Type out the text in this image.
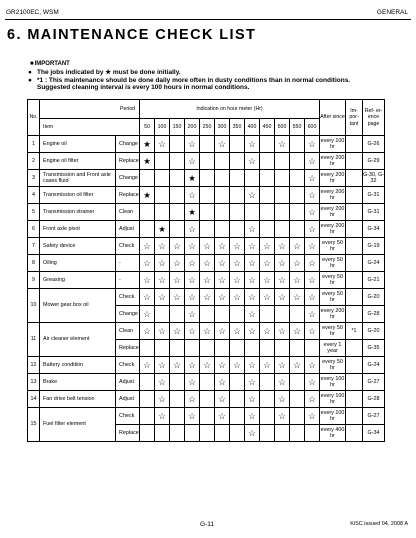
GR2100EC, WSM	GENERAL
6. MAINTENANCE CHECK LIST
■ IMPORTANT
● The jobs indicated by ★ must be done initially.
● *1 : This maintenance should be done daily more often in dusty conditions than in normal conditions.
Suggested cleaning interval is every 100 hours in normal conditions.
No.	Period		Indication on hour meter (Hr)												After since	Im- por- tant	Ref- er- ence page
	Item		50	100	150	200	250	300	350	400	450	500	550	600			
1	Engine oil	Change	★	☆		☆		☆		☆		☆		☆	every 100 hr		G-26
2	Engine oil filter	Replace	★			☆				☆				☆	every 200 hr		G-29
3	Transmission and Front axle cases fluid	Change				★								☆	every 200 hr		G-30, G-32
4	Transmission oil filter	Replace	★			☆				☆				☆	every 200 hr		G-31
5	Transmission strainer	Clean				★								☆	every 200 hr		G-31
6	Front axle pivot	Adjust		★		☆				☆				☆	every 200 hr		G-34
7	Safety device	Check	☆	☆	☆	☆	☆	☆	☆	☆	☆	☆	☆	☆	every 50 hr		G-19
8	Oiling	-	☆	☆	☆	☆	☆	☆	☆	☆	☆	☆	☆	☆	every 50 hr		G-24
9	Greasing	-	☆	☆	☆	☆	☆	☆	☆	☆	☆	☆	☆	☆	every 50 hr		G-21
10	Mower gear box oil	Check	☆	☆	☆	☆	☆	☆	☆	☆	☆	☆	☆	☆	every 50 hr		G-20
		Change	☆			☆				☆				☆	every 200 hr		G-28
11	Air cleaner element	Clean	☆	☆	☆	☆	☆	☆	☆	☆	☆	☆	☆	☆	every 50 hr	*1	G-20
		Replace													every 1 year		G-35
12	Battery condition	Check	☆	☆	☆	☆	☆	☆	☆	☆	☆	☆	☆	☆	every 50 hr		G-24
13	Brake	Adjust		☆		☆		☆		☆		☆		☆	every 100 hr		G-27
14	Fan drive belt tension	Adjust		☆		☆		☆		☆		☆		☆	every 100 hr		G-28
15	Fuel filter element	Check		☆		☆		☆		☆		☆		☆	every 100 hr		G-27
		Replace								☆					every 400 hr		G-34
G-11	KiSC issued 04, 2008 A
